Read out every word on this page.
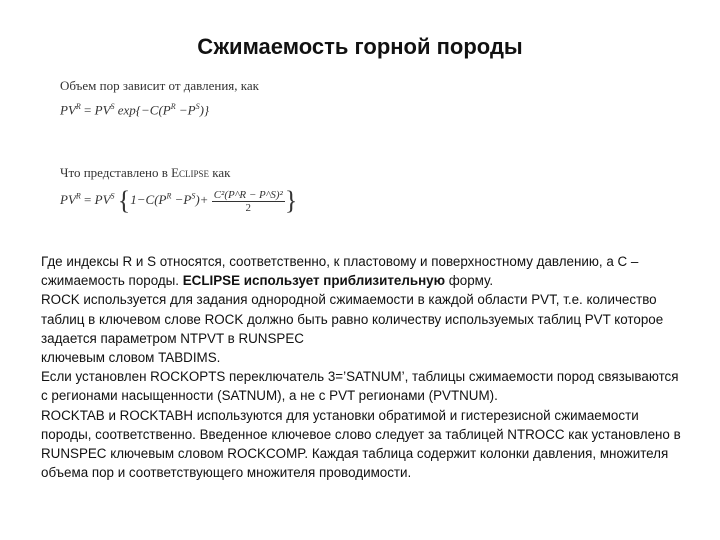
Сжимаемость горной породы
Объем пор зависит от давления, как
$PV^R = PV^S$ $\exp\{-C(P^R -P^S)\}$
Что представлено в Eclipse как
$PV^R = PV^S$ {$1-C(P^R -P^S)+ \frac{\text{C²(P\textasciicircum{}R − P\textasciicircum{}S)²}}{2}$ }
Где индексы R и S относятся, соответственно, к пластовому и поверхностному давлению, а C – сжимаемость породы. ECLIPSE использует приблизительную форму.
ROCK используется для задания однородной сжимаемости в каждой области PVT, т.е. количество таблиц в ключевом слове ROCK должно быть равно количеству используемых таблиц PVT которое задается параметром NTPVT в RUNSPEC
ключевым словом TABDIMS.
Если установлен ROCKOPTS переключатель 3=’SATNUM’, таблицы сжимаемости пород связываются с регионами насыщенности (SATNUM), а не с PVT регионами (PVTNUM).
ROCKTAB и ROCKTABH используются для установки обратимой и гистерезисной сжимаемости породы, соответственно. Введенное ключевое слово следует за таблицей NTROCC как установлено в RUNSPEC ключевым словом ROCKCOMP. Каждая таблица содержит колонки давления, множителя объема пор и соответствующего множителя проводимости.
